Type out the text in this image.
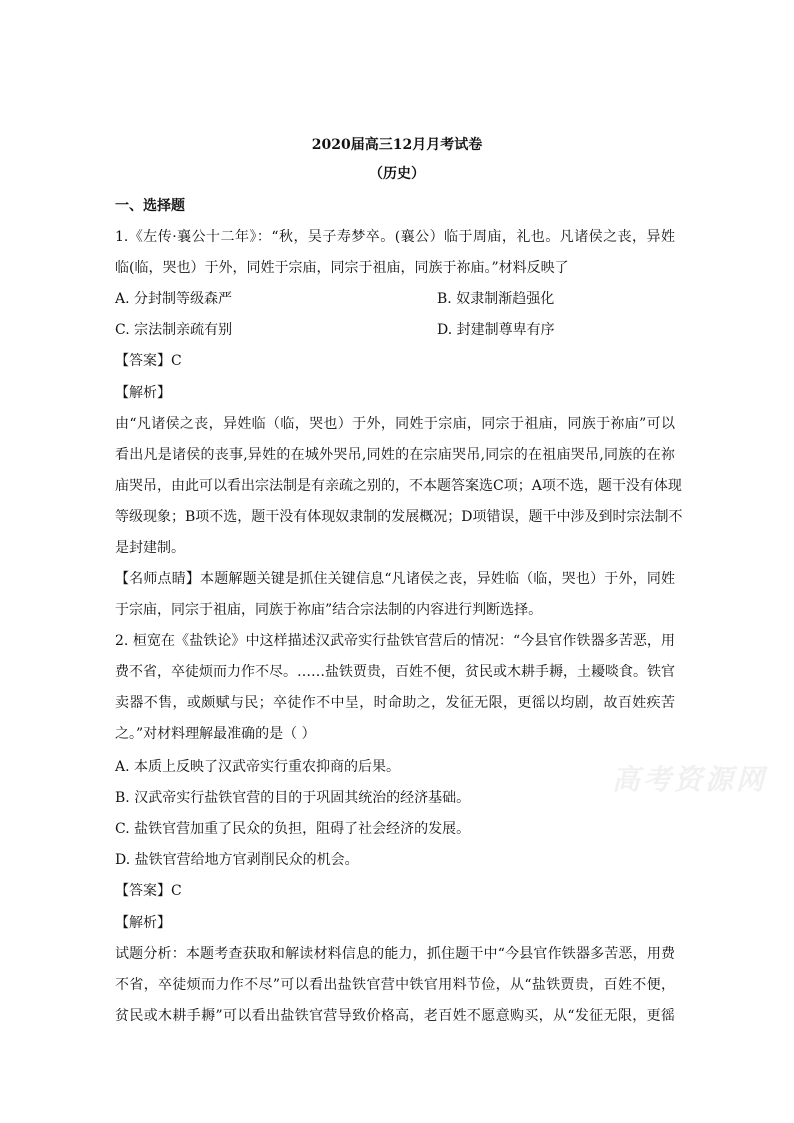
2020届高三12月月考试卷
（历史）
一、选择题
1.《左传·襄公十二年》：“秋，吴子寿梦卒。(襄公）临于周庙，礼也。凡诸侯之丧，异姓
临(临，哭也）于外，同姓于宗庙，同宗于祖庙，同族于祢庙。”材料反映了
A. 分封制等级森严	B. 奴隶制渐趋强化
C. 宗法制亲疏有别	D. 封建制尊卑有序
【答案】C
【解析】
由“凡诸侯之丧，异姓临（临，哭也）于外，同姓于宗庙，同宗于祖庙，同族于祢庙”可以
看出凡是诸侯的丧事,异姓的在城外哭吊,同姓的在宗庙哭吊,同宗的在祖庙哭吊,同族的在祢
庙哭吊，由此可以看出宗法制是有亲疏之别的，不本题答案选C项；A项不选，题干没有体现
等级现象；B项不选，题干没有体现奴隶制的发展概况；D项错误，题干中涉及到时宗法制不
是封建制。
【名师点睛】本题解题关键是抓住关键信息“凡诸侯之丧，异姓临（临，哭也）于外，同姓
于宗庙，同宗于祖庙，同族于祢庙”结合宗法制的内容进行判断选择。
2. 桓宽在《盐铁论》中这样描述汉武帝实行盐铁官营后的情况：“今县官作铁器多苦恶，用
费不省，卒徒烦而力作不尽。……盐铁贾贵，百姓不便，贫民或木耕手耨，土耰啖食。铁官
卖器不售，或颇赋与民；卒徒作不中呈，时命助之，发征无限，更徭以均剧，故百姓疾苦
之。”对材料理解最准确的是（ ）
A. 本质上反映了汉武帝实行重农抑商的后果。
B. 汉武帝实行盐铁官营的目的于巩固其统治的经济基础。
C. 盐铁官营加重了民众的负担，阻碍了社会经济的发展。
D. 盐铁官营给地方官剥削民众的机会。
【答案】C
【解析】
试题分析：本题考查获取和解读材料信息的能力，抓住题干中“今县官作铁器多苦恶，用费
不省，卒徒烦而力作不尽”可以看出盐铁官营中铁官用料节俭，从“盐铁贾贵，百姓不便，
贫民或木耕手耨”可以看出盐铁官营导致价格高，老百姓不愿意购买，从“发征无限，更徭
高考资源网
